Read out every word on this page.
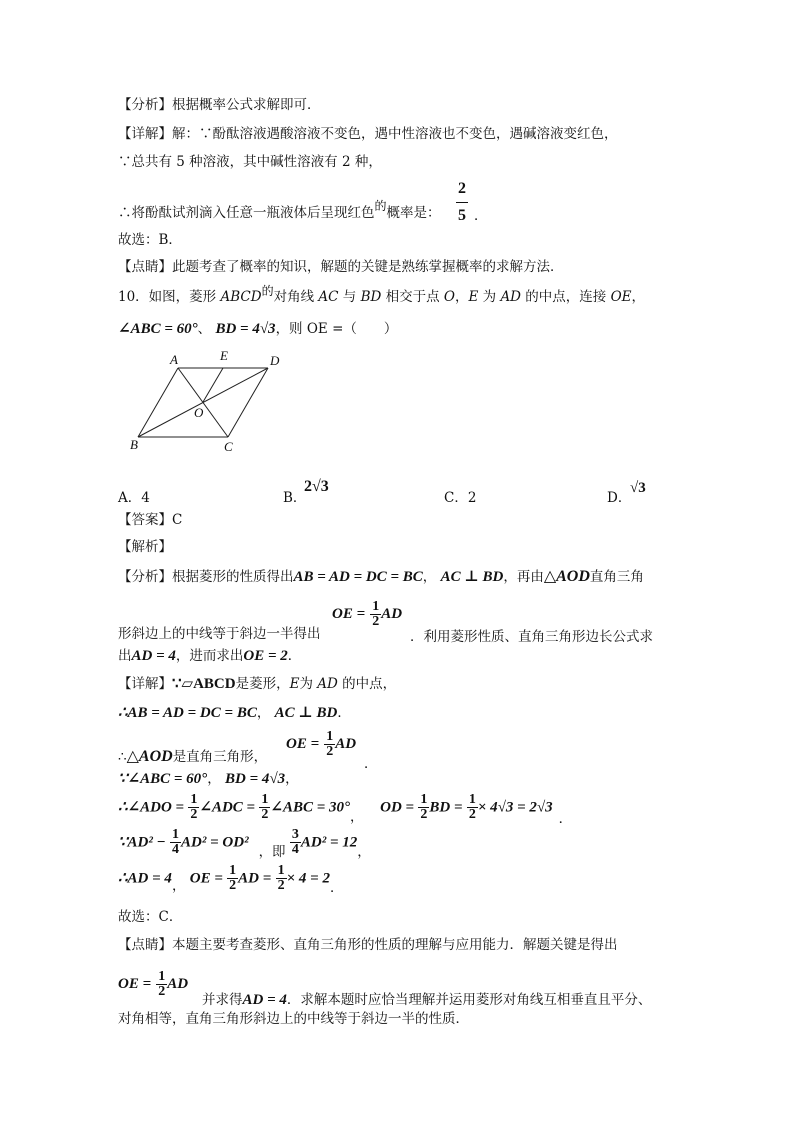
【分析】根据概率公式求解即可．
【详解】解：∵酚酞溶液遇酸溶液不变色，遇中性溶液也不变色，遇碱溶液变红色，
∵总共有 5 种溶液，其中碱性溶液有 2 种，
∴将酚酞试剂滴入任意一瓶液体后呈现红色的概率是： $\frac{2}{5}$ ．
故选：B．
【点睛】此题考查了概率的知识，解题的关键是熟练掌握概率的求解方法．
10．如图，菱形 ABCD的对角线 AC 与 BD 相交于点 O，E 为 AD 的中点，连接 OE，
∠ABC = 60°、 BD = 4√3，则 OE =（　　）
A	E	D
O
B	C
A．4	B．
2√3
C．2	D．
√3
【答案】C
【解析】
【分析】根据菱形的性质得出AB = AD = DC = BC， AC ⊥ BD，再由△AOD直角三角
形斜边上的中线等于斜边一半得出
OE = $\frac{1}{2}$ AD
．利用菱形性质、直角三角形边长公式求
出AD = 4，进而求出OE = 2．
【详解】∵▱ABCD是菱形，E为 AD 的中点，
∴AB = AD = DC = BC， AC ⊥ BD．
∴△AOD是直角三角形，
OE = $\frac{1}{2}$ AD
．
∵∠ABC = 60°， BD = 4√3，
∴∠ADO = $\frac{1}{2}$ ∠ADC = $\frac{1}{2}$ ∠ABC = 30°，  OD = $\frac{1}{2}$ BD = $\frac{1}{2} \times 4√3 = 2√3$．
∵AD² − $\frac{1}{4} AD^2 = OD^2$，即 $\frac{3}{4} AD^2 = 12$，
∴AD = 4， OE = $\frac{1}{2}$ AD = $\frac{1}{2} \times 4 = 2$．
故选：C．
【点睛】本题主要考查菱形、直角三角形的性质的理解与应用能力．解题关键是得出
OE = $\frac{1}{2}$ AD
并求得AD = 4．求解本题时应恰当理解并运用菱形对角线互相垂直且平分、
对角相等，直角三角形斜边上的中线等于斜边一半的性质．
